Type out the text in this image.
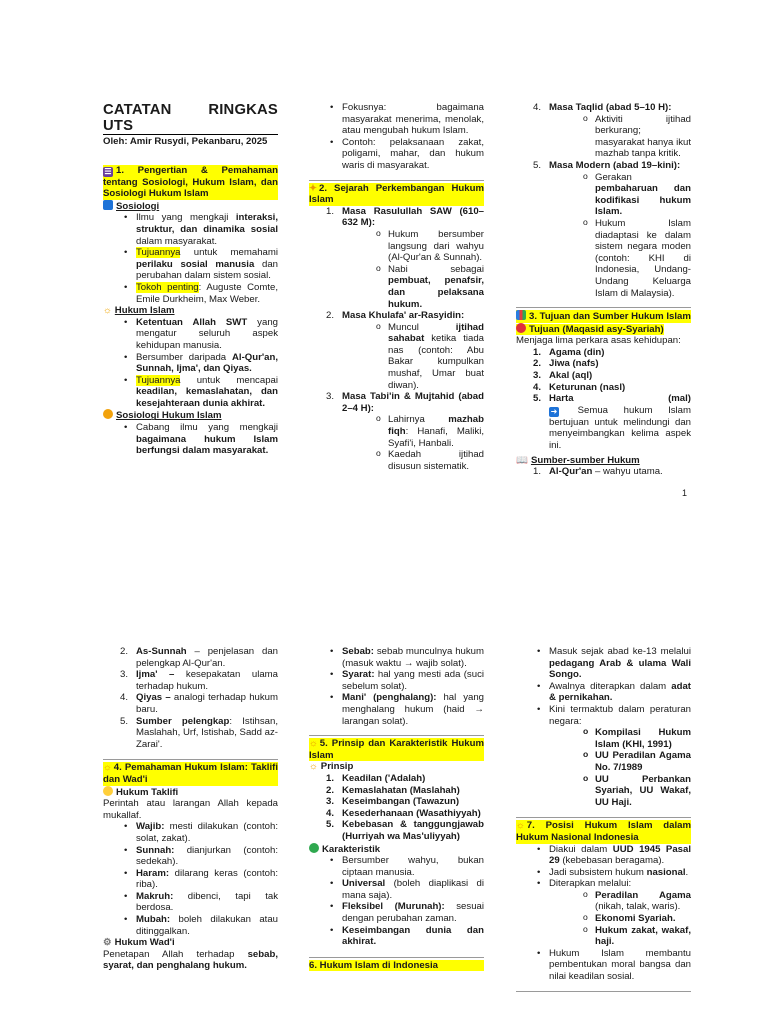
CATATAN RINGKAS UTS

Oleh: Amir Rusydi, Pekanbaru, 2025

☰ 1. Pengertian & Pemahaman tentang Sosiologi, Hukum Islam, dan Sosiologi Hukum Islam

Sosiologi

• Ilmu yang mengkaji interaksi, struktur, dan dinamika sosial dalam masyarakat.
• Tujuannya untuk memahami perilaku sosial manusia dan perubahan dalam sistem sosial.
• Tokoh penting: Auguste Comte, Emile Durkheim, Max Weber.

☼ Hukum Islam

• Ketentuan Allah SWT yang mengatur seluruh aspek kehidupan manusia.
• Bersumber daripada Al-Qur'an, Sunnah, Ijma', dan Qiyas.
• Tujuannya untuk mencapai keadilan, kemaslahatan, dan kesejahteraan dunia akhirat.

Sosiologi Hukum Islam

• Cabang ilmu yang mengkaji bagaimana hukum Islam berfungsi dalam masyarakat.
• Fokusnya: bagaimana masyarakat menerima, menolak, atau mengubah hukum Islam.
• Contoh: pelaksanaan zakat, poligami, mahar, dan hukum waris di masyarakat.

✦ 2. Sejarah Perkembangan Hukum Islam

Masa Rasulullah SAW (610–632 M):
o Hukum bersumber langsung dari wahyu (Al-Qur'an & Sunnah).
o Nabi sebagai pembuat, penafsir, dan pelaksana hukum.
Masa Khulafa' ar-Rasyidin:
o Muncul ijtihad sahabat ketika tiada nas (contoh: Abu Bakar kumpulkan mushaf, Umar buat diwan).
Masa Tabi'in & Mujtahid (abad 2–4 H):
o Lahirnya mazhab fiqh: Hanafi, Maliki, Syafi'i, Hanbali.
o Kaedah ijtihad disusun sistematik.
Masa Taqlid (abad 5–10 H):
o Aktiviti ijtihad berkurang; masyarakat hanya ikut mazhab tanpa kritik.
Masa Modern (abad 19–kini):
o Gerakan pembaharuan dan kodifikasi hukum Islam.
o Hukum Islam diadaptasi ke dalam sistem negara moden (contoh: KHI di Indonesia, Undang-Undang Keluarga Islam di Malaysia).

3. Tujuan dan Sumber Hukum Islam

Tujuan (Maqasid asy-Syariah)

Menjaga lima perkara asas kehidupan:

Agama (din)
Jiwa (nafs)
Akal (aql)
Keturunan (nasl)
Harta	(mal)
➜ Semua hukum Islam bertujuan untuk melindungi dan menyeimbangkan kelima aspek ini.

📖 Sumber-sumber Hukum

Al-Qur'an – wahyu utama.
1
As-Sunnah – penjelasan dan pelengkap Al-Qur'an.
Ijma' – kesepakatan ulama terhadap hukum.
Qiyas – analogi terhadap hukum baru.
Sumber pelengkap: Istihsan, Maslahah, Urf, Istishab, Sadd az-Zarai'.

☼ 4. Pemahaman Hukum Islam: Taklifi dan Wad'i

Hukum Taklifi

Perintah atau larangan Allah kepada mukallaf.

• Wajib: mesti dilakukan (contoh: solat, zakat).
• Sunnah: dianjurkan (contoh: sedekah).
• Haram: dilarang keras (contoh: riba).
• Makruh: dibenci, tapi tak berdosa.
• Mubah: boleh dilakukan atau ditinggalkan.

⚙ Hukum Wad'i

Penetapan Allah terhadap sebab, syarat, dan penghalang hukum.

• Sebab: sebab munculnya hukum (masuk waktu → wajib solat).
• Syarat: hal yang mesti ada (suci sebelum solat).
• Mani' (penghalang): hal yang menghalang hukum (haid → larangan solat).

☼ 5. Prinsip dan Karakteristik Hukum Islam

☼ Prinsip

Keadilan ('Adalah)
Kemaslahatan (Maslahah)
Keseimbangan (Tawazun)
Kesederhanaan (Wasathiyyah)
Kebebasan & tanggungjawab (Hurriyah wa Mas'uliyyah)

Karakteristik

• Bersumber wahyu, bukan ciptaan manusia.
• Universal (boleh diaplikasi di mana saja).
• Fleksibel (Murunah): sesuai dengan perubahan zaman.
• Keseimbangan dunia dan akhirat.

6. Hukum Islam di Indonesia

• Masuk sejak abad ke-13 melalui pedagang Arab & ulama Wali Songo.
• Awalnya diterapkan dalam adat & pernikahan.
• Kini termaktub dalam peraturan negara:
o Kompilasi Hukum Islam (KHI, 1991)
o UU Peradilan Agama No. 7/1989
o UU Perbankan Syariah, UU Wakaf, UU Haji.

☼ 7. Posisi Hukum Islam dalam Hukum Nasional Indonesia

• Diakui dalam UUD 1945 Pasal 29 (kebebasan beragama).
• Jadi subsistem hukum nasional.
• Diterapkan melalui:
o Peradilan Agama (nikah, talak, waris).
o Ekonomi Syariah.
o Hukum zakat, wakaf, haji.
• Hukum Islam membantu pembentukan moral bangsa dan nilai keadilan sosial.
